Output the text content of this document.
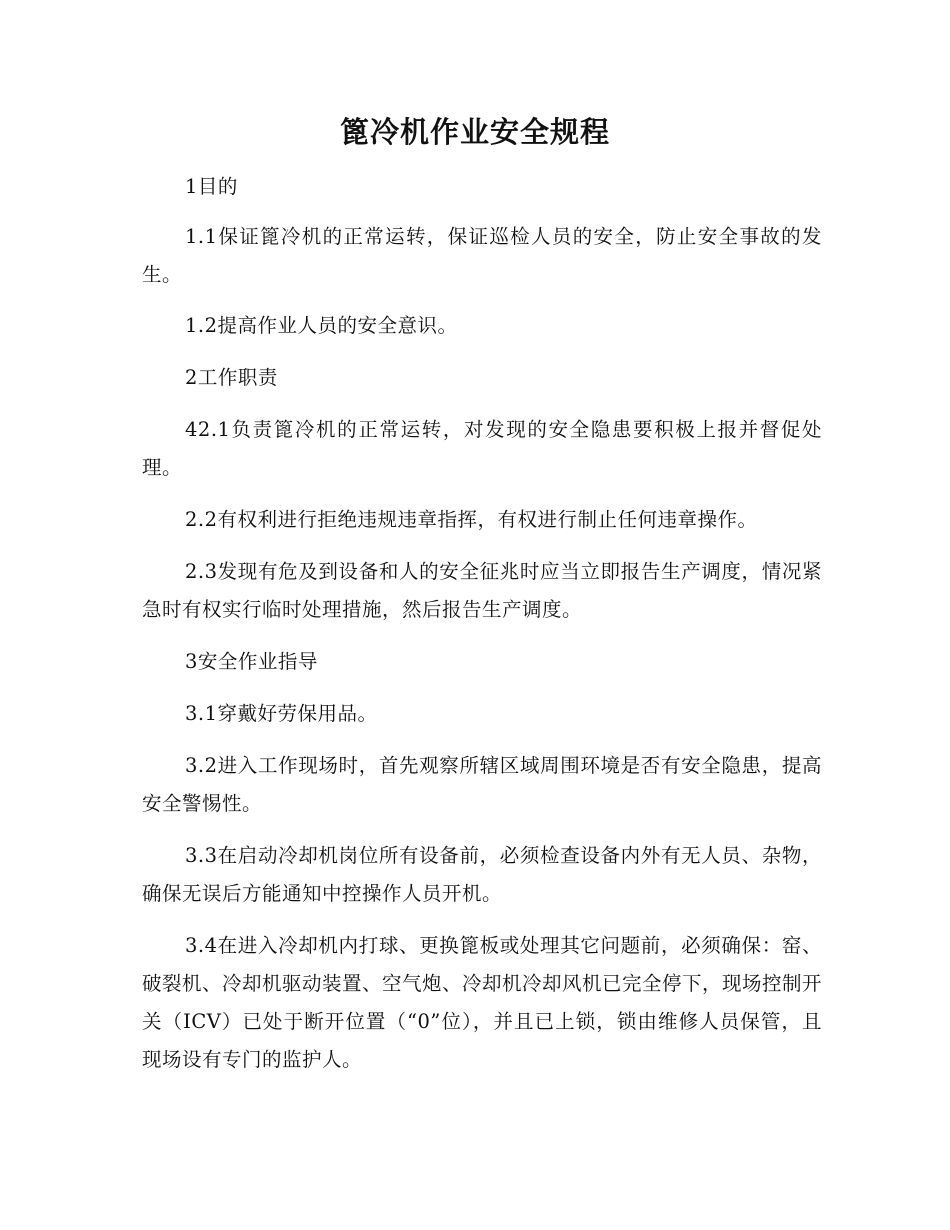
篦冷机作业安全规程

1目的

1.1保证篦冷机的正常运转，保证巡检人员的安全，防止安全事故的发生。

1.2提高作业人员的安全意识。

2工作职责

42.1负责篦冷机的正常运转，对发现的安全隐患要积极上报并督促处理。

2.2有权利进行拒绝违规违章指挥，有权进行制止任何违章操作。

2.3发现有危及到设备和人的安全征兆时应当立即报告生产调度，情况紧急时有权实行临时处理措施，然后报告生产调度。

3安全作业指导

3.1穿戴好劳保用品。

3.2进入工作现场时，首先观察所辖区域周围环境是否有安全隐患，提高安全警惕性。

3.3在启动冷却机岗位所有设备前，必须检查设备内外有无人员、杂物，确保无误后方能通知中控操作人员开机。

3.4在进入冷却机内打球、更换篦板或处理其它问题前，必须确保：窑、破裂机、冷却机驱动装置、空气炮、冷却机冷却风机已完全停下，现场控制开关（ICV）已处于断开位置（“0”位），并且已上锁，锁由维修人员保管，且现场设有专门的监护人。
